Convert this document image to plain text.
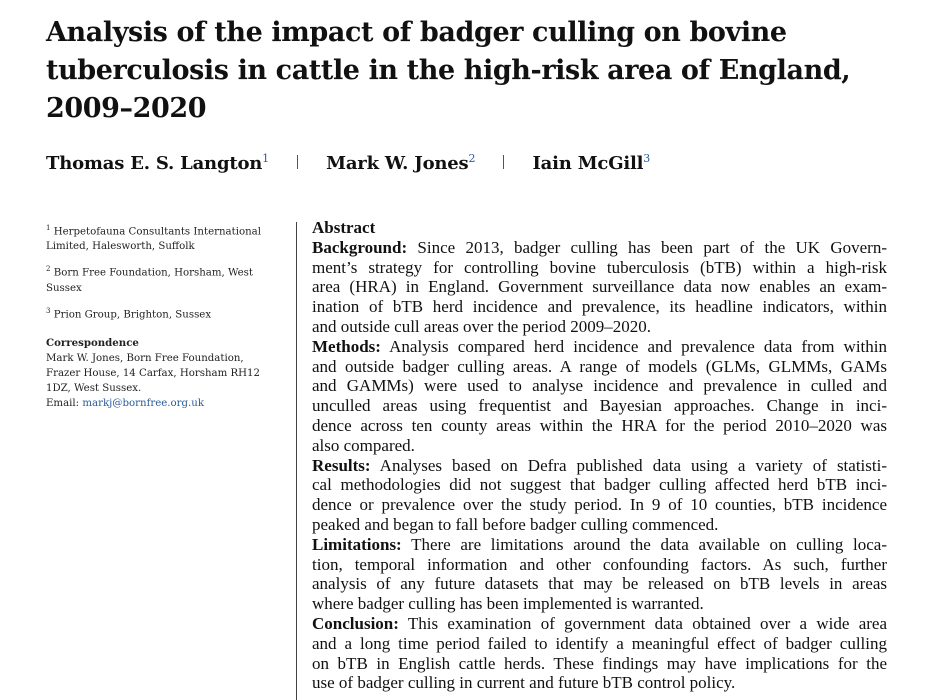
Analysis of the impact of badger culling on bovine
tuberculosis in cattle in the high-risk area of England,
2009–2020
Thomas E. S. Langton$^1$	Mark W. Jones$^2$	Iain McGill$^3$
$^1$ Herpetofauna Consultants International Limited, Halesworth, Suffolk
$^2$ Born Free Foundation, Horsham, West Sussex
$^3$ Prion Group, Brighton, Sussex
Correspondence
Mark W. Jones, Born Free Foundation, Frazer House, 14 Carfax, Horsham RH12 1DZ, West Sussex.
Email: markj@bornfree.org.uk
Abstract
Background: Since 2013, badger culling has been part of the UK Govern-
ment’s strategy for controlling bovine tuberculosis (bTB) within a high-risk
area (HRA) in England. Government surveillance data now enables an exam-
ination of bTB herd incidence and prevalence, its headline indicators, within
and outside cull areas over the period 2009–2020.
Methods: Analysis compared herd incidence and prevalence data from within
and outside badger culling areas. A range of models (GLMs, GLMMs, GAMs
and GAMMs) were used to analyse incidence and prevalence in culled and
unculled areas using frequentist and Bayesian approaches. Change in inci-
dence across ten county areas within the HRA for the period 2010–2020 was
also compared.
Results: Analyses based on Defra published data using a variety of statisti-
cal methodologies did not suggest that badger culling affected herd bTB inci-
dence or prevalence over the study period. In 9 of 10 counties, bTB incidence
peaked and began to fall before badger culling commenced.
Limitations: There are limitations around the data available on culling loca-
tion, temporal information and other confounding factors. As such, further
analysis of any future datasets that may be released on bTB levels in areas
where badger culling has been implemented is warranted.
Conclusion: This examination of government data obtained over a wide area
and a long time period failed to identify a meaningful effect of badger culling
on bTB in English cattle herds. These findings may have implications for the
use of badger culling in current and future bTB control policy.
